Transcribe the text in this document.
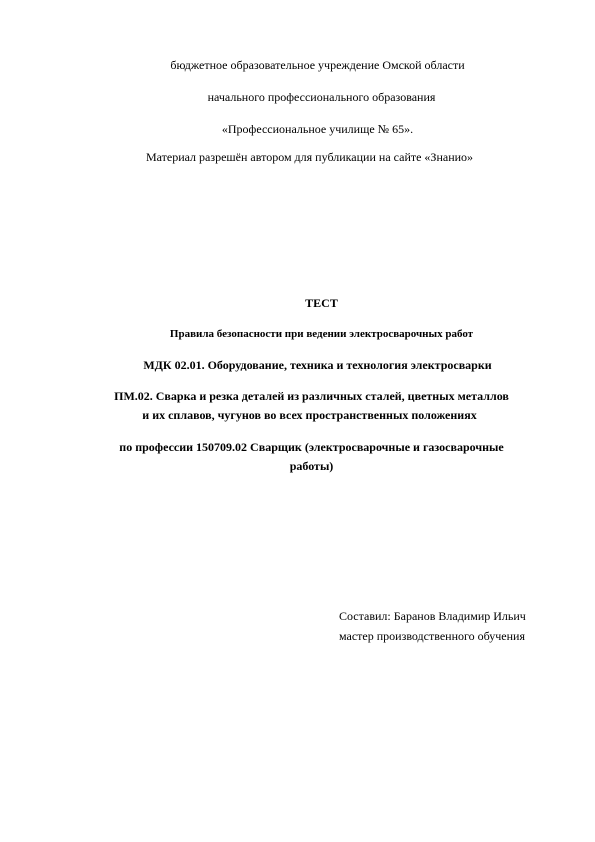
бюджетное образовательное учреждение Омской области
начального профессионального образования
«Профессиональное училище № 65».
Материал разрешён автором для публикации на сайте «Знанио»
ТЕСТ
Правила безопасности при ведении электросварочных работ
МДК 02.01. Оборудование, техника и технология электросварки
ПМ.02. Сварка и резка деталей из различных сталей, цветных металлов
и их сплавов, чугунов во всех пространственных положениях
по профессии 150709.02 Сварщик (электросварочные и газосварочные
работы)
Составил: Баранов Владимир Ильич
мастер производственного обучения
